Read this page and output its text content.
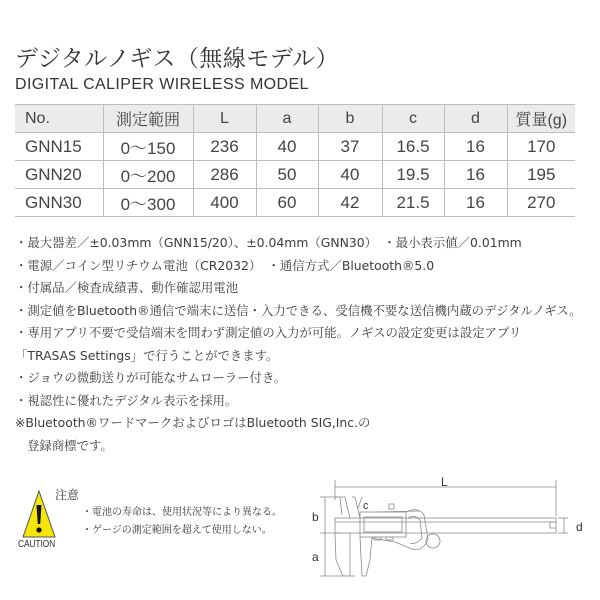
デジタルノギス（無線モデル）
DIGITAL CALIPER WIRELESS MODEL
No.	測定範囲	L	a	b	c	d	質量(g)
GNN15	0〜150	236	40	37	16.5	16	170
GNN20	0〜200	286	50	40	19.5	16	195
GNN30	0〜300	400	60	42	21.5	16	270
・最大器差／±0.03mm（GNN15/20）、±0.04mm（GNN30）　・最小表示値／0.01mm
・電源／コイン型リチウム電池（CR2032）　・通信方式／Bluetooth®5.0
・付属品／検査成績書、動作確認用電池
・測定値をBluetooth®通信で端末に送信・入力できる、受信機不要な送信機内蔵のデジタルノギス。
・専用アプリ不要で受信端末を問わず測定値の入力が可能。ノギスの設定変更は設定アプリ
「TRASAS Settings」で行うことができます。
・ジョウの微動送りが可能なサムローラー付き。
・視認性に優れたデジタル表示を採用。
※Bluetooth®ワードマークおよびロゴはBluetooth SIG,Inc.の
登録商標です。
CAUTION
注意
・電池の寿命は、使用状況等により異なる。
・ゲージの測定範囲を超えて使用しない。
L
b
a
c
d
